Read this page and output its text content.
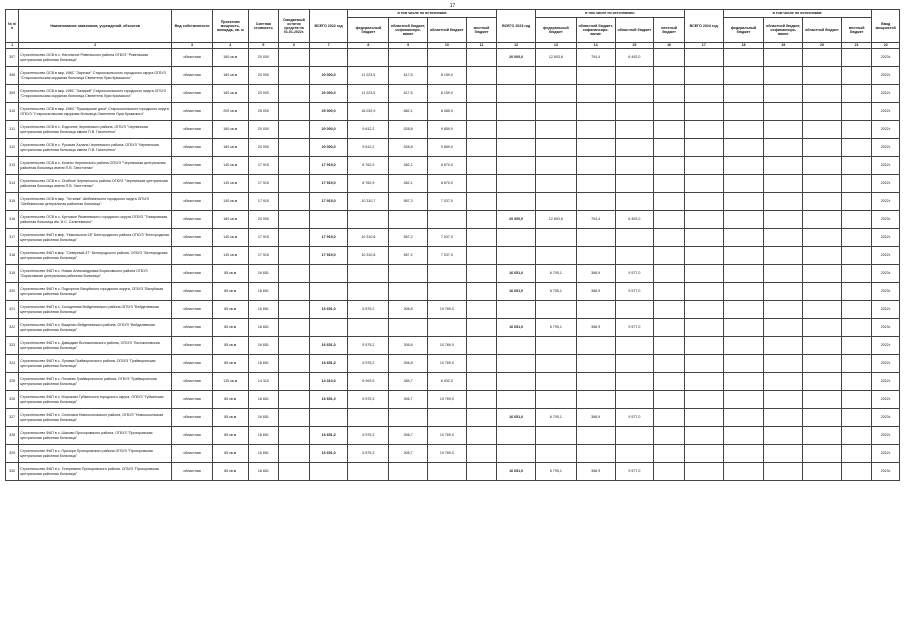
17
№ п/п	Наименование заказчиков, учреждений, объектов	Вид собственности	Проектная мощность, площадь, кв. м	Сметная стоимость	Ожидаемый остаток средств на 01.01.2022г.	ВСЕГО 2022 год	в том числе по источникам:				ВСЕГО 2023 год	в том числе по источникам:				ВСЕГО 2024 год	в том числе по источникам:				Ввод мощностей
							федеральный бюджет	областной бюджет, софинансиро-вание	областной бюджет	местный бюджет		федеральный бюджет	областной бюджет, софинансиро-вание	областной бюджет	местный бюджет		федеральный бюджет	областной бюджет, софинансиро-вание	областной бюджет	местный бюджет	
1	2	3	4	5	6	7	8	9	10	11	12	13	14	15	16	17	18	19	20	21	22
307	Строительство ОСВ в с. Нагольное Ровеньского района ОГБУЗ "Ровеньская центральная районная больница"	областная	160 кв.м	20 000							20 000,0	12 803,6	704,4	6 492,0							2023г.
308	Строительство ОСВ в мкр. ИЖС "Заречье" Старооскольского городского округа ОГБУЗ "Старооскольская окружная больница Святителя Луки Крымского"	областная	160 кв.м	20 000		20 000,0	11 223,5	617,5	8 159,0												2022г.
309	Строительство ОСВ в мкр. ИЖС "Хазарий" Старооскольского городского округа ОГБУЗ "Старооскольская окружная больница Святителя Луки Крымского"	областная	160 кв.м	20 000		20 000,0	11 223,5	617,5	8 159,0												2022г.
310	Строительство ОСВ в мкр. ИЖС "Пушкарские дачи" Старооскольского городского округа ОГБУЗ "Старооскольская окружная больница Святителя Луки Крымского"	областная	200 кв.м	25 000		25 000,0	16 032,9	882,1	8 085,0												2022г.
311	Строительство ОСВ в с. Ездочное Чернянского района, ОГБУЗ "Чернянская центральная районная больница имени П.В. Гапотченко"	областная	160 кв.м	20 000		20 000,0	9 612,2	528,8	9 859,0												2022г.
312	Строительство ОСВ в с. Русская Халань Чернянского района, ОГБУЗ "Чернянская центральная районная больница имени П.В. Гапотченко"	областная	160 кв.м	20 000		20 000,0	9 612,2	528,8	9 859,0												2022г.
313	Строительство ОСВ в с. Кочеты Чернянского района ОГБУЗ "Чернянская центральная районная больница имени П.В. Гапотченко"	областная	140 кв.м	17 915		17 915,0	8 762,9	482,1	8 670,0												2022г.
314	Строительство ОСВ в с. Огибное Чернянского района ОГБУЗ "Чернянская центральная районная больница имени П.В. Гапотченко"	областная	140 кв.м	17 915		17 915,0	8 762,9	482,1	8 670,0												2022г.
315	Строительство ОСВ в мкр. "Устинка" Шебекинского городского округа ОГБУЗ "Шебекинская центральная районная больница"	областная	140 кв.м	17 915		17 915,0	10 310,7	567,3	7 037,0												2022г.
316	Строительство ОСВ в с. Кустовое Яковлевского городского округа ОГБУЗ "Томаровская районная больница им. И.С. Сальтевского"	областная	160 кв.м	20 000							20 000,0	12 803,6	704,4	6 492,0							2023г.
317	Строительство ФАП в мкр. "Никольское-25" Белгородского района ОГБУЗ "Белгородская центральная районная больница"	областная	140 кв.м	17 915		17 915,0	10 310,6	567,2	7 037,0												2022г.
318	Строительство ФАП в мкр. "Северный-37" Белгородского района, ОГБУЗ "Белгородская центральная районная больница"	областная	140 кв.м	17 915		17 915,0	10 310,8	567,2	7 037,0												2022г.
319	Строительство ФАП в с. Новая Александровка Борисовского района ОГБУЗ "Борисовская центральная районная больница"	областная	85 кв.м	16 651							16 651,0	6 705,1	368,9	9 577,0							2023г.
320	Строительство ФАП в с. Подгорное Валуйского городского округа, ОГБУЗ "Валуйская центральная районная больница"	областная	85 кв.м	16 651							16 651,0	6 705,1	368,9	9 577,0							2023г.
321	Строительство ФАП в х. Холоднянка Вейделевского района ОГБУЗ "Вейделевская центральная районная больница"	областная	85 кв.м	16 651		16 651,0	5 575,2	306,8	10 769,0												2022г.
322	Строительство ФАП в с. Ващенко Вейделевского района, ОГБУЗ "Вейделевская центральная районная больница"	областная	85 кв.м	16 651							16 651,0	6 705,1	368,9	9 577,0							2023г.
323	Строительство ФАП в с. Давыдкин Волоконовского района, ОГБУЗ "Волоконовская центральная районная больница"	областная	85 кв.м	16 651		16 651,0	5 575,2	306,8	10 769,0												2022г.
324	Строительство ФАП в с. Луговка Грайворонского района, ОГБУЗ "Грайворонская центральная районная больница"	областная	85 кв.м	16 651		16 651,0	5 575,2	306,8	10 769,0												2022г.
325	Строительство ФАП в с. Почаево Грайворонского района, ОГБУЗ "Грайворонская центральная районная больница"	областная	130 кв.м	14 310		14 310,0	6 993,9	384,7	6 932,0												2022г.
326	Строительство ФАП в с. Морозово Губкинского городского округа, ОГБУЗ "Губкинская центральная районная больница"	областная	85 кв.м	16 651		16 651,0	5 575,3	306,7	10 769,0												2022г.
327	Строительство ФАП в с. Слоновка Новооскольского района, ОГБУЗ "Новооскольская центральная районная больница"	областная	85 кв.м	16 651							16 651,0	6 705,1	368,9	9 577,0							2023г.
328	Строительство ФАП в с. Шахово Прохоровского района, ОГБУЗ "Прохоровская центральная районная больница"	областная	85 кв.м	16 651		16 651,0	5 575,3	306,7	10 769,0												2022г.
329	Строительство ФАП в с. Призори Прохоровского района ОГБУЗ "Прохоровская центральная районная больница"	областная	85 кв.м	16 651		16 651,0	5 575,3	306,7	10 769,0												2022г.
330	Строительство ФАП в с. Тетеревино Прохоровского района, ОГБУЗ "Прохоровская центральная районная больница"	областная	85 кв.м	16 651							16 651,0	6 705,1	368,9	9 577,0							2023г.
